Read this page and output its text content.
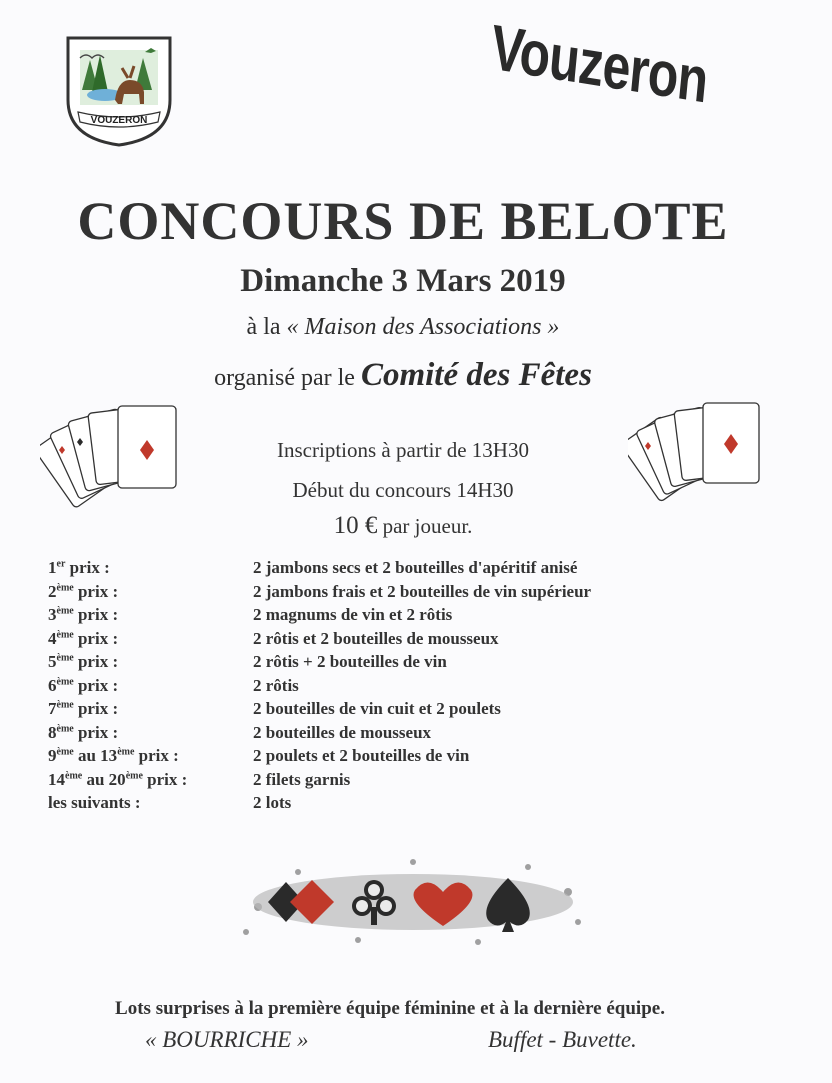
VOUZERON
Vouzeron
CONCOURS DE BELOTE
Dimanche 3 Mars 2019
à la « Maison des Associations »
organisé par le Comité des Fêtes
Inscriptions à partir de 13H30
Début du concours 14H30
10 € par joueur.
1er prix :	2 jambons secs et 2 bouteilles d'apéritif anisé
2ème prix :	2 jambons frais et 2 bouteilles de vin supérieur
3ème prix :	2 magnums de vin et 2 rôtis
4ème prix :	2 rôtis et 2 bouteilles de mousseux
5ème prix :	2 rôtis + 2 bouteilles de vin
6ème prix :	2 rôtis
7ème prix :	2 bouteilles de vin cuit et 2 poulets
8ème prix :	2 bouteilles de mousseux
9ème au 13ème prix :	2 poulets et 2 bouteilles de vin
14ème au 20ème prix :	2 filets garnis
les suivants :	2 lots
Lots surprises à la première équipe féminine et à la dernière équipe.
« BOURRICHE »	Buffet - Buvette.
